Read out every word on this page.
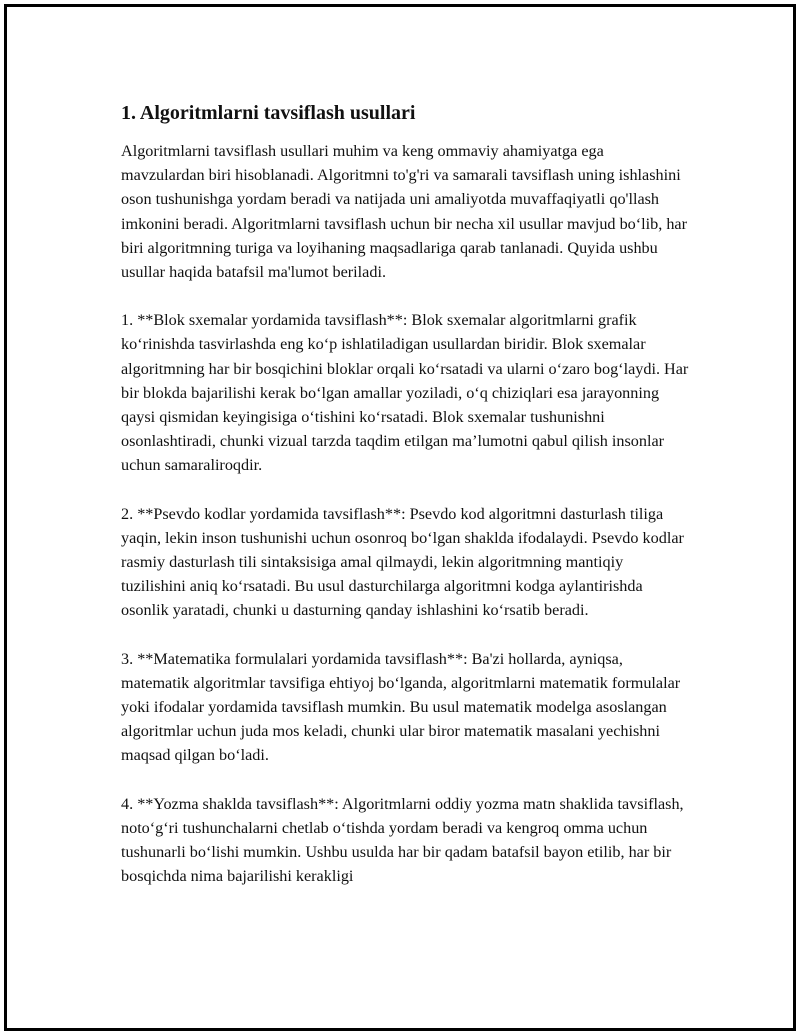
1. Algoritmlarni tavsiflash usullari

Algoritmlarni tavsiflash usullari muhim va keng ommaviy ahamiyatga ega mavzulardan biri hisoblanadi. Algoritmni to'g'ri va samarali tavsiflash uning ishlashini oson tushunishga yordam beradi va natijada uni amaliyotda muvaffaqiyatli qo'llash imkonini beradi. Algoritmlarni tavsiflash uchun bir necha xil usullar mavjud bo‘lib, har biri algoritmning turiga va loyihaning maqsadlariga qarab tanlanadi. Quyida ushbu usullar haqida batafsil ma'lumot beriladi.

1. **Blok sxemalar yordamida tavsiflash**: Blok sxemalar algoritmlarni grafik ko‘rinishda tasvirlashda eng ko‘p ishlatiladigan usullardan biridir. Blok sxemalar algoritmning har bir bosqichini bloklar orqali ko‘rsatadi va ularni o‘zaro bog‘laydi. Har bir blokda bajarilishi kerak bo‘lgan amallar yoziladi, o‘q chiziqlari esa jarayonning qaysi qismidan keyingisiga o‘tishini ko‘rsatadi. Blok sxemalar tushunishni osonlashtiradi, chunki vizual tarzda taqdim etilgan ma’lumotni qabul qilish insonlar uchun samaraliroqdir.

2. **Psevdo kodlar yordamida tavsiflash**: Psevdo kod algoritmni dasturlash tiliga yaqin, lekin inson tushunishi uchun osonroq bo‘lgan shaklda ifodalaydi. Psevdo kodlar rasmiy dasturlash tili sintaksisiga amal qilmaydi, lekin algoritmning mantiqiy tuzilishini aniq ko‘rsatadi. Bu usul dasturchilarga algoritmni kodga aylantirishda osonlik yaratadi, chunki u dasturning qanday ishlashini ko‘rsatib beradi.

3. **Matematika formulalari yordamida tavsiflash**: Ba'zi hollarda, ayniqsa, matematik algoritmlar tavsifiga ehtiyoj bo‘lganda, algoritmlarni matematik formulalar yoki ifodalar yordamida tavsiflash mumkin. Bu usul matematik modelga asoslangan algoritmlar uchun juda mos keladi, chunki ular biror matematik masalani yechishni maqsad qilgan bo‘ladi.

4. **Yozma shaklda tavsiflash**: Algoritmlarni oddiy yozma matn shaklida tavsiflash, noto‘g‘ri tushunchalarni chetlab o‘tishda yordam beradi va kengroq omma uchun tushunarli bo‘lishi mumkin. Ushbu usulda har bir qadam batafsil bayon etilib, har bir bosqichda nima bajarilishi kerakligi
